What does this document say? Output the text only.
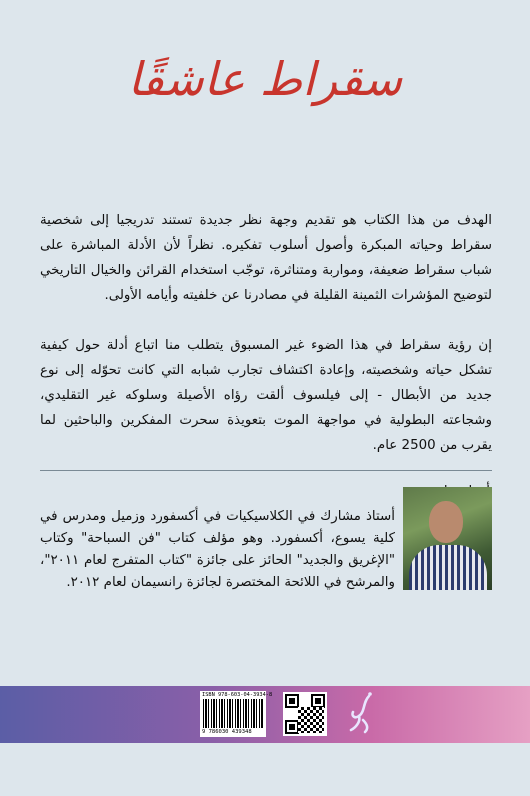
سقراط عاشقًا

الهدف من هذا الكتاب هو تقديم وجهة نظر جديدة تستند تدريجيا إلى شخصية سقراط وحياته المبكرة وأصول أسلوب تفكيره. نظراً لأن الأدلة المباشرة على شباب سقراط ضعيفة، ومواربة ومتناثرة، توجّب استخدام القرائن والخيال التاريخي لتوضيح المؤشرات الثمينة القليلة في مصادرنا عن خلفيته وأيامه الأولى.

إن رؤية سقراط في هذا الضوء غير المسبوق يتطلب منا اتباع أدلة حول كيفية تشكل حياته وشخصيته، وإعادة اكتشاف تجارب شبابه التي كانت تحوّله إلى نوع جديد من الأبطال - إلى فيلسوف ألقت رؤاه الأصيلة وسلوكه غير التقليدي، وشجاعته البطولية في مواجهة الموت بتعويذة سحرت المفكرين والباحثين لما يقرب من 2500 عام.

أستاذ مشارك في الكلاسيكيات في أكسفورد وزميل ومدرس في كلية يسوع، أكسفورد. وهو مؤلف كتاب "فن السباحة" وكتاب "الإغريق والجديد" الحائز على جائزة "كتاب المتفرج لعام ٢٠١١"، والمرشح في اللائحة المختصرة لجائزة رانسيمان لعام ٢٠١٢.

ISBN 978-603-04-3934-8
9 786030 439348
